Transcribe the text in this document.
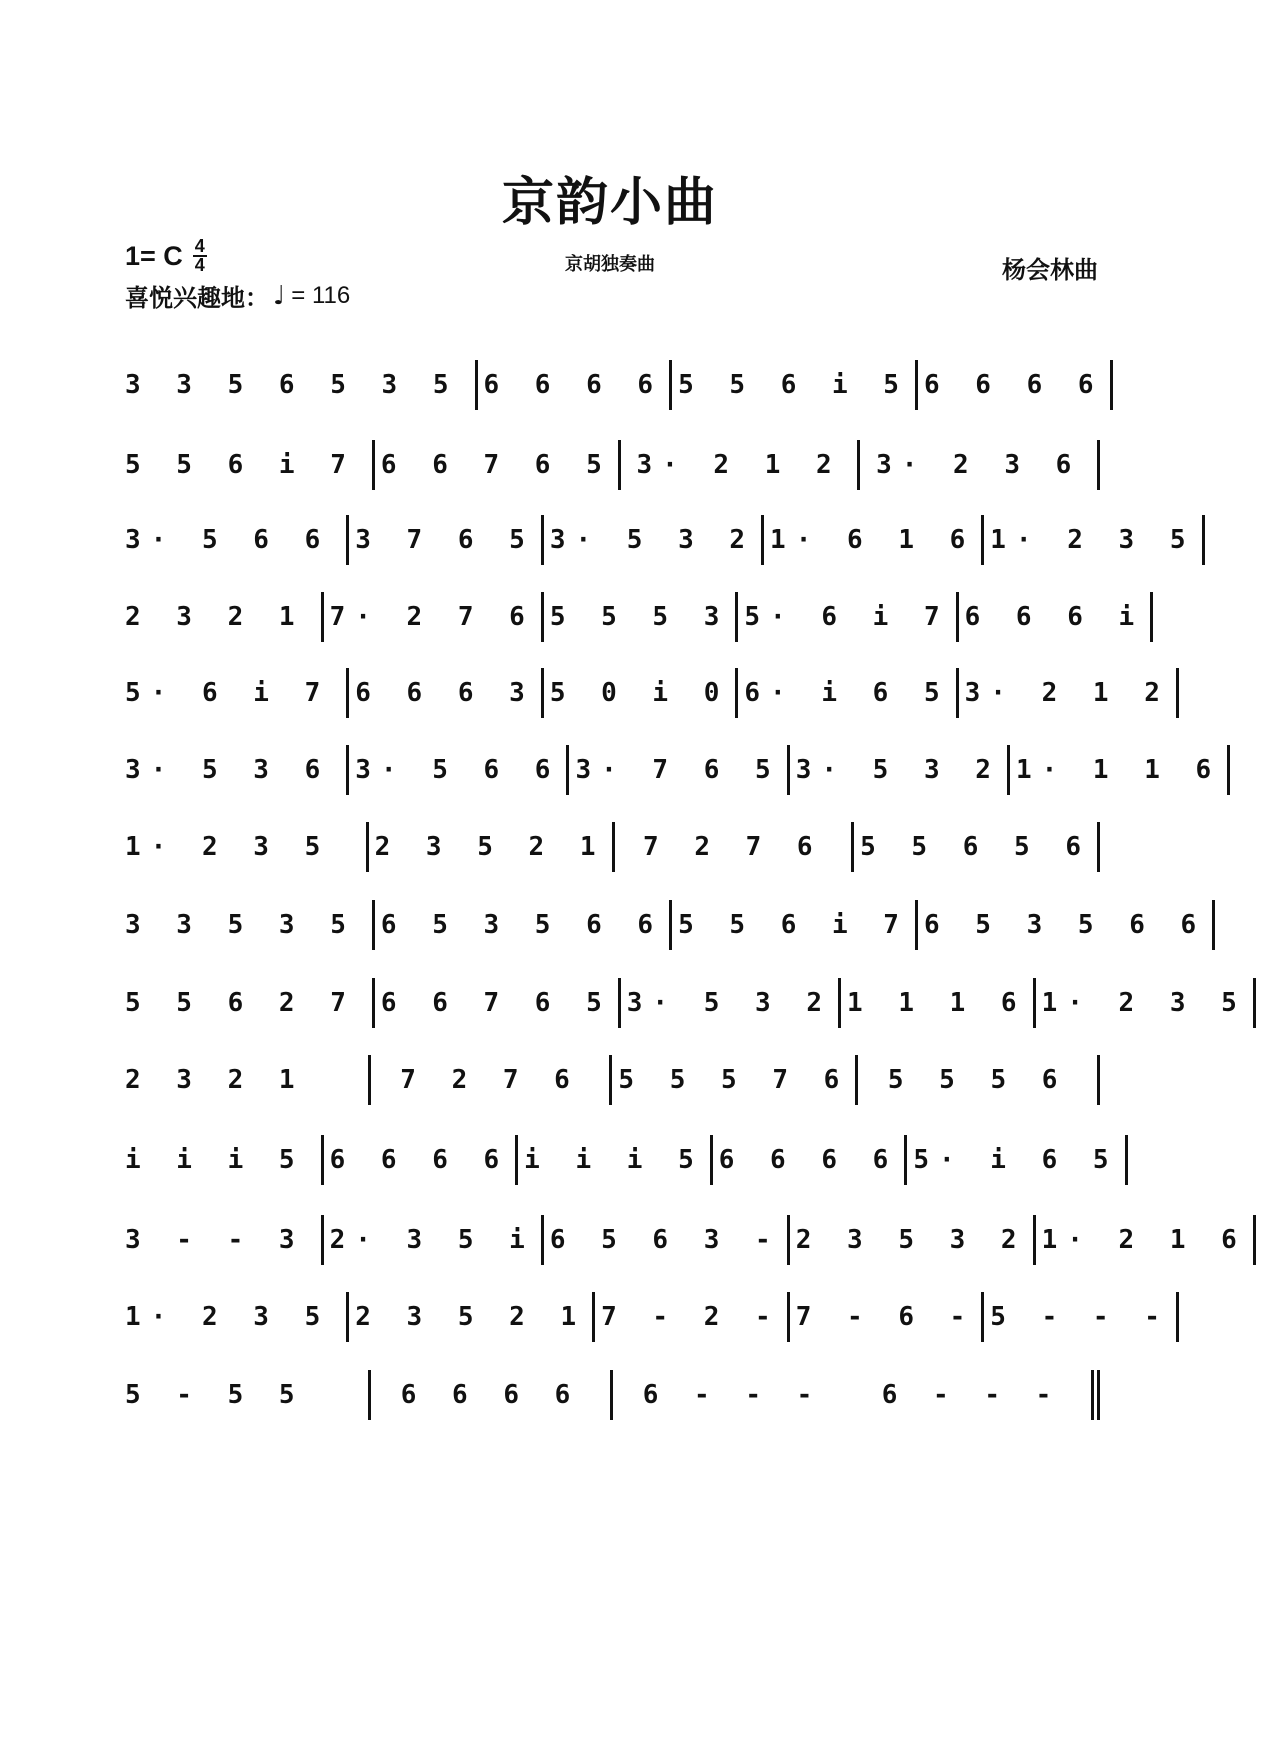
京韵小曲
京胡独奏曲	杨会林曲
1= C 4
4
喜悦兴趣地： ♩ = 116
3 3 5 6 5 3 5 6 6 6 6 5 5 6 i 5 6 6 6 6
5 5 6 i 7 6 6 7 6 5 3· 2 1 2 3· 2 3 6
3· 5 6 6 3 7 6 5 3· 5 3 2 1· 6 1 6 1· 2 3 5
2 3 2 1 7· 2 7 6 5 5 5 3 5· 6 i 7 6 6 6 i
5· 6 i 7 6 6 6 3 5 0 i 0 6· i 6 5 3· 2 1 2
3· 5 3 6 3· 5 6 6 3· 7 6 5 3· 5 3 2 1· 1 1 6
1· 2 3 5 2 3 5 2 1 7 2 7 6 5 5 6 5 6
3 3 5 3 5 6 5 3 5 6 6 5 5 6 i 7 6 5 3 5 6 6
5 5 6 2 7 6 6 7 6 5 3· 5 3 2 1 1 1 6 1· 2 3 5
2 3 2 1	7 2 7 6 5 5 5 7 6 5 5 5 6
i i i 5 6 6 6 6 i i i 5 6 6 6 6 5· i 6 5
3 - - 3 2· 3 5 i 6 5 6 3 - 2 3 5 3 2 1· 2 1 6
1· 2 3 5 2 3 5 2 1 7 - 2 - 7 - 6 - 5 - - -
5 - 5 5	6 6 6 6 6 - - - 6 - - -
